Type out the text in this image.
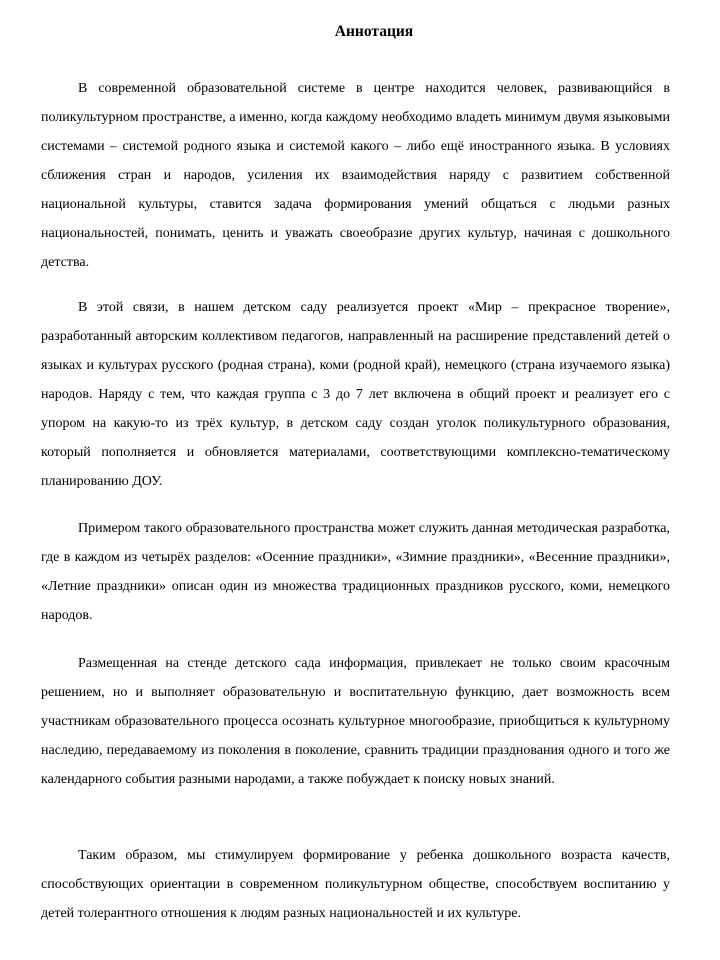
Аннотация

В современной образовательной системе в центре находится человек, развивающийся в поликультурном пространстве, а именно, когда каждому необходимо владеть минимум двумя языковыми системами – системой родного языка и системой какого – либо ещё иностранного языка. В условиях сближения стран и народов, усиления их взаимодействия наряду с развитием собственной национальной культуры, ставится задача формирования умений общаться с людьми разных национальностей, понимать, ценить и уважать своеобразие других культур, начиная с дошкольного детства.

В этой связи, в нашем детском саду реализуется проект «Мир – прекрасное творение», разработанный авторским коллективом педагогов, направленный на расширение представлений детей о языках и культурах русского (родная страна), коми (родной край), немецкого (страна изучаемого языка) народов. Наряду с тем, что каждая группа с 3 до 7 лет включена в общий проект и реализует его с упором на какую-то из трёх культур, в детском саду создан уголок поликультурного образования, который пополняется и обновляется материалами, соответствующими комплексно-тематическому планированию ДОУ.

Примером такого образовательного пространства может служить данная методическая разработка, где в каждом из четырёх разделов: «Осенние праздники», «Зимние праздники», «Весенние праздники», «Летние праздники» описан один из множества традиционных праздников русского, коми, немецкого народов.

Размещенная на стенде детского сада информация, привлекает не только своим красочным решением, но и выполняет образовательную и воспитательную функцию, дает возможность всем участникам образовательного процесса осознать культурное многообразие, приобщиться к культурному наследию, передаваемому из поколения в поколение, сравнить традиции празднования одного и того же календарного события разными народами, а также побуждает к поиску новых знаний.

Таким образом, мы стимулируем формирование у ребенка дошкольного возраста качеств, способствующих ориентации в современном поликультурном обществе, способствуем воспитанию у детей толерантного отношения к людям разных национальностей и их культуре.
